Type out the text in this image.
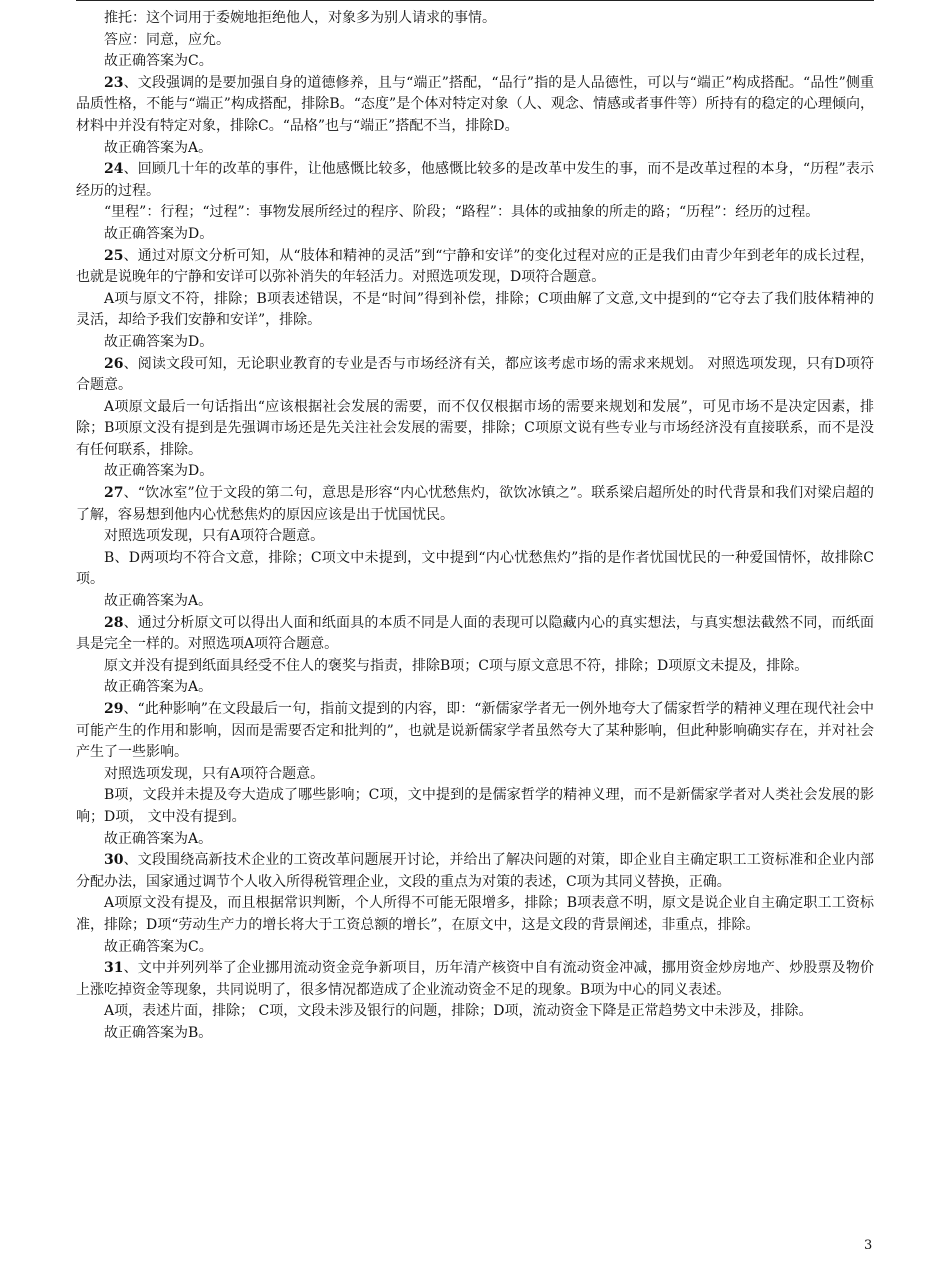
推托：这个词用于委婉地拒绝他人，对象多为别人请求的事情。

答应：同意，应允。

故正确答案为C。

23、文段强调的是要加强自身的道德修养，且与“端正”搭配，“品行”指的是人品德性，可以与“端正”构成搭配。“品性”侧重品质性格，不能与“端正”构成搭配，排除B。“态度”是个体对特定对象（人、观念、情感或者事件等）所持有的稳定的心理倾向，材料中并没有特定对象，排除C。“品格”也与“端正”搭配不当，排除D。

故正确答案为A。

24、回顾几十年的改革的事件，让他感慨比较多，他感慨比较多的是改革中发生的事，而不是改革过程的本身，“历程”表示经历的过程。

“里程”：行程；“过程”：事物发展所经过的程序、阶段；“路程”：具体的或抽象的所走的路；“历程”：经历的过程。

故正确答案为D。

25、通过对原文分析可知，从“肢体和精神的灵活”到“宁静和安详”的变化过程对应的正是我们由青少年到老年的成长过程，也就是说晚年的宁静和安详可以弥补消失的年轻活力。对照选项发现，D项符合题意。

A项与原文不符，排除；B项表述错误，不是“时间”得到补偿，排除；C项曲解了文意,文中提到的“它夺去了我们肢体精神的灵活，却给予我们安静和安详”，排除。

故正确答案为D。

26、阅读文段可知，无论职业教育的专业是否与市场经济有关，都应该考虑市场的需求来规划。 对照选项发现，只有D项符合题意。

A项原文最后一句话指出“应该根据社会发展的需要，而不仅仅根据市场的需要来规划和发展”，可见市场不是决定因素，排除；B项原文没有提到是先强调市场还是先关注社会发展的需要，排除；C项原文说有些专业与市场经济没有直接联系，而不是没有任何联系，排除。

故正确答案为D。

27、“饮冰室”位于文段的第二句，意思是形容“内心忧愁焦灼，欲饮冰镇之”。联系梁启超所处的时代背景和我们对梁启超的了解，容易想到他内心忧愁焦灼的原因应该是出于忧国忧民。

对照选项发现，只有A项符合题意。

B、D两项均不符合文意，排除；C项文中未提到，文中提到“内心忧愁焦灼”指的是作者忧国忧民的一种爱国情怀，故排除C项。

故正确答案为A。

28、通过分析原文可以得出人面和纸面具的本质不同是人面的表现可以隐藏内心的真实想法，与真实想法截然不同，而纸面具是完全一样的。对照选项A项符合题意。

原文并没有提到纸面具经受不住人的褒奖与指责，排除B项；C项与原文意思不符，排除；D项原文未提及，排除。

故正确答案为A。

29、“此种影响”在文段最后一句，指前文提到的内容，即：“新儒家学者无一例外地夸大了儒家哲学的精神义理在现代社会中可能产生的作用和影响，因而是需要否定和批判的”，也就是说新儒家学者虽然夸大了某种影响，但此种影响确实存在，并对社会产生了一些影响。

对照选项发现，只有A项符合题意。

B项，文段并未提及夸大造成了哪些影响；C项，文中提到的是儒家哲学的精神义理，而不是新儒家学者对人类社会发展的影响；D项， 文中没有提到。

故正确答案为A。

30、文段围绕高新技术企业的工资改革问题展开讨论，并给出了解决问题的对策，即企业自主确定职工工资标准和企业内部分配办法，国家通过调节个人收入所得税管理企业，文段的重点为对策的表述，C项为其同义替换，正确。

A项原文没有提及，而且根据常识判断，个人所得不可能无限增多，排除；B项表意不明，原文是说企业自主确定职工工资标准，排除；D项“劳动生产力的增长将大于工资总额的增长”，在原文中，这是文段的背景阐述，非重点，排除。

故正确答案为C。

31、文中并列列举了企业挪用流动资金竞争新项目，历年清产核资中自有流动资金冲减，挪用资金炒房地产、炒股票及物价上涨吃掉资金等现象，共同说明了，很多情况都造成了企业流动资金不足的现象。B项为中心的同义表述。

A项，表述片面，排除； C项，文段未涉及银行的问题，排除；D项，流动资金下降是正常趋势文中未涉及，排除。

故正确答案为B。

3
